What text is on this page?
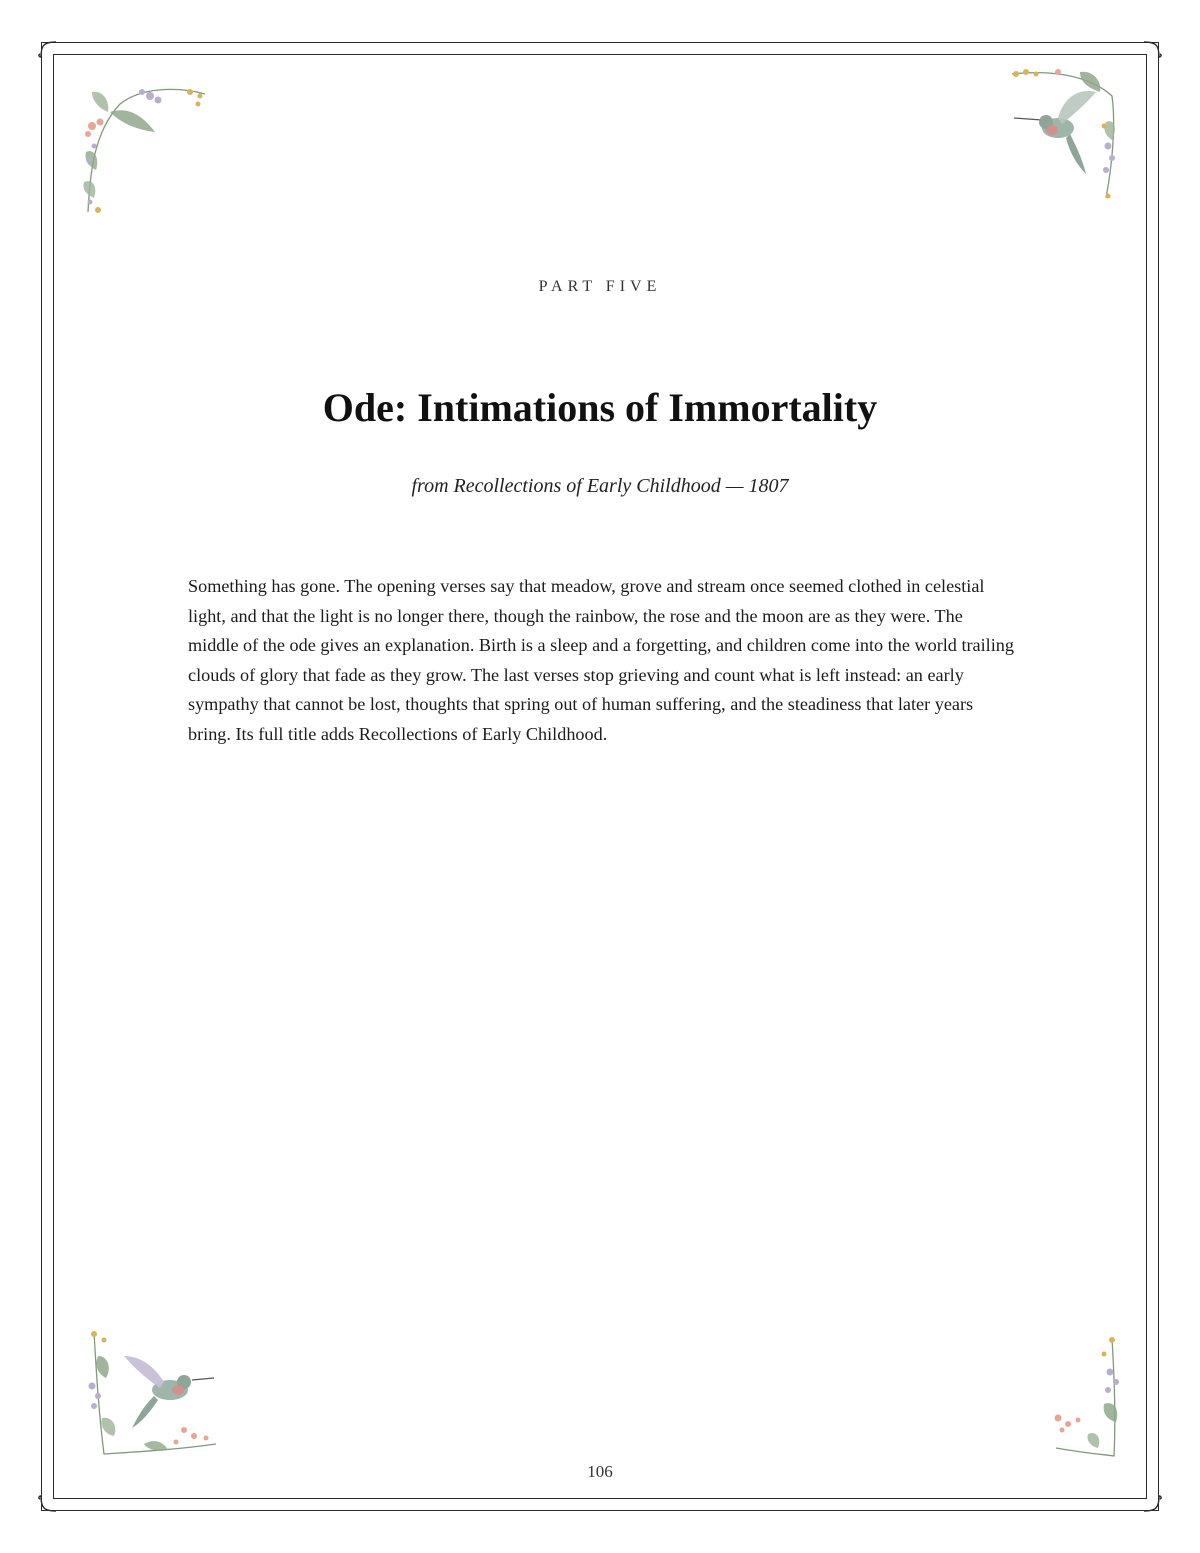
PART FIVE
Ode: Intimations of Immortality
from Recollections of Early Childhood — 1807

Something has gone. The opening verses say that meadow, grove and stream once seemed clothed in celestial light, and that the light is no longer there, though the rainbow, the rose and the moon are as they were. The middle of the ode gives an explanation. Birth is a sleep and a forgetting, and children come into the world trailing clouds of glory that fade as they grow. The last verses stop grieving and count what is left instead: an early sympathy that cannot be lost, thoughts that spring out of human suffering, and the steadiness that later years bring. Its full title adds Recollections of Early Childhood.

106
